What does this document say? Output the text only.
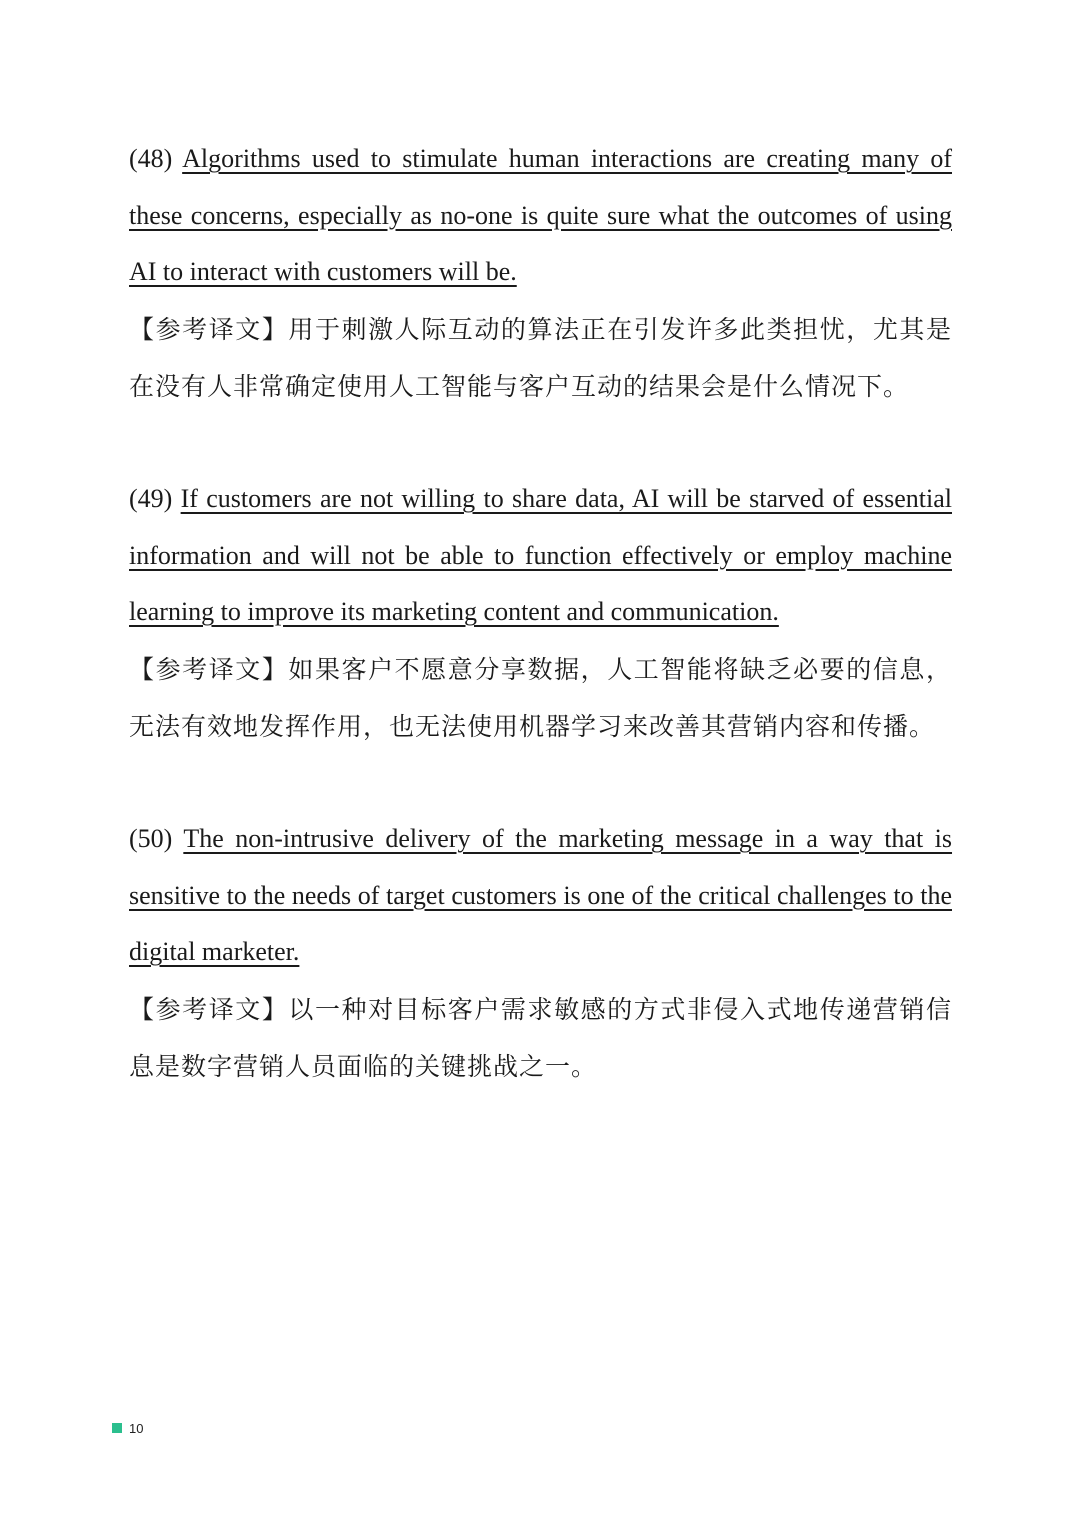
(48) Algorithms used to stimulate human interactions are creating many of these concerns, especially as no-one is quite sure what the outcomes of using AI to interact with customers will be.

【参考译文】用于刺激人际互动的算法正在引发许多此类担忧，尤其是在没有人非常确定使用人工智能与客户互动的结果会是什么情况下。

(49) If customers are not willing to share data, AI will be starved of essential information and will not be able to function effectively or employ machine learning to improve its marketing content and communication.

【参考译文】如果客户不愿意分享数据，人工智能将缺乏必要的信息，无法有效地发挥作用，也无法使用机器学习来改善其营销内容和传播。

(50) The non-intrusive delivery of the marketing message in a way that is sensitive to the needs of target customers is one of the critical challenges to the digital marketer.

【参考译文】以一种对目标客户需求敏感的方式非侵入式地传递营销信息是数字营销人员面临的关键挑战之一。

10
